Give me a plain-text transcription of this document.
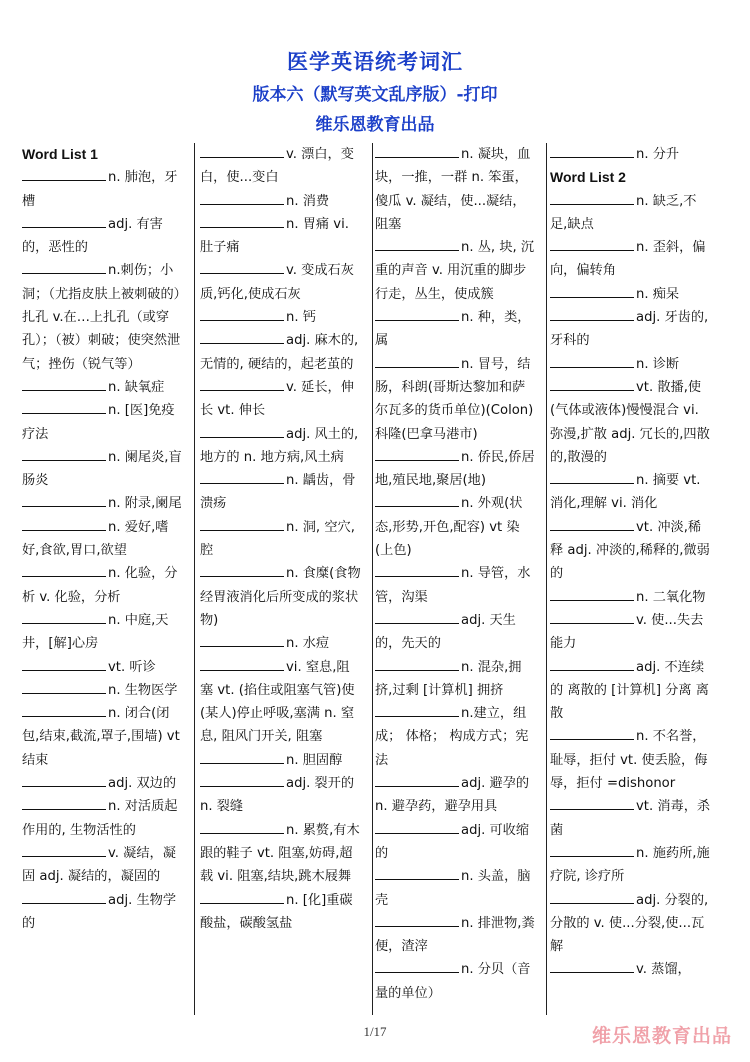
医学英语统考词汇
版本六（默写英文乱序版）-打印
维乐恩教育出品

Word List 1

n. 肺泡，牙槽

adj. 有害的，恶性的

n.刺伤；小洞；（尤指皮肤上被刺破的）扎孔 v.在…上扎孔（或穿孔）；（被）刺破；使突然泄气；挫伤（锐气等）

n. 缺氧症

n. [医]免疫疗法

n. 阑尾炎,盲肠炎

n. 附录,阑尾

n. 爱好,嗜好,食欲,胃口,欲望

n. 化验，分析 v. 化验，分析

n. 中庭,天井，[解]心房

vt. 听诊

n. 生物医学

n. 闭合(闭包,结束,截流,罩子,围墙) vt 结束

adj. 双边的

n. 对活质起作用的, 生物活性的

v. 凝结，凝固 adj. 凝结的，凝固的

adj. 生物学的

v. 漂白，变白，使...变白

n. 消费

n. 胃痛 vi. 肚子痛

v. 变成石灰质,钙化,使成石灰

n. 钙

adj. 麻木的, 无情的, 硬结的，起老茧的

v. 延长，伸长 vt. 伸长

adj. 风土的, 地方的 n. 地方病,风土病

n. 龋齿，骨溃疡

n. 洞, 空穴, 腔

n. 食糜(食物经胃液消化后所变成的浆状物)

n. 水痘

vi. 窒息,阻塞 vt. (掐住或阻塞气管)使(某人)停止呼吸,塞满 n. 窒息, 阻风门开关, 阻塞

n. 胆固醇

adj. 裂开的 n. 裂缝

n. 累赘,有木跟的鞋子 vt. 阻塞,妨碍,超载 vi. 阻塞,结块,跳木屐舞

n. [化]重碳酸盐，碳酸氢盐

n. 凝块，血块，一推，一群 n. 笨蛋，傻瓜 v. 凝结，使...凝结，阻塞

n. 丛, 块, 沉重的声音 v. 用沉重的脚步行走，丛生，使成簇

n. 种，类，属

n. 冒号，结肠，科朗(哥斯达黎加和萨尔瓦多的货币单位)(Colon)科隆(巴拿马港市)

n. 侨民,侨居地,殖民地,聚居(地)

n. 外观(状态,形势,开色,配容) vt 染(上色)

n. 导管，水管，沟渠

adj. 天生的，先天的

n. 混杂,拥挤,过剩 [计算机] 拥挤

n.建立，组成； 体格； 构成方式；宪法

adj. 避孕的 n. 避孕药，避孕用具

adj. 可收缩的

n. 头盖，脑壳

n. 排泄物,粪便，渣滓

n. 分贝（音量的单位）

n. 分升

Word List 2

n. 缺乏,不足,缺点

n. 歪斜，偏向，偏转角

n. 痴呆

adj. 牙齿的, 牙科的

n. 诊断

vt. 散播,使(气体或液体)慢慢混合 vi. 弥漫,扩散 adj. 冗长的,四散的,散漫的

n. 摘要 vt. 消化,理解 vi. 消化

vt. 冲淡,稀释 adj. 冲淡的,稀释的,微弱的

n. 二氧化物

v. 使...失去能力

adj. 不连续的 离散的 [计算机] 分离 离散

n. 不名誉，耻辱，拒付 vt. 使丢脸，侮辱，拒付 =dishonor

vt. 消毒，杀菌

n. 施药所,施疗院, 诊疗所

adj. 分裂的,分散的 v. 使...分裂,使...瓦解

v. 蒸馏，

1/17	维乐恩教育出品
